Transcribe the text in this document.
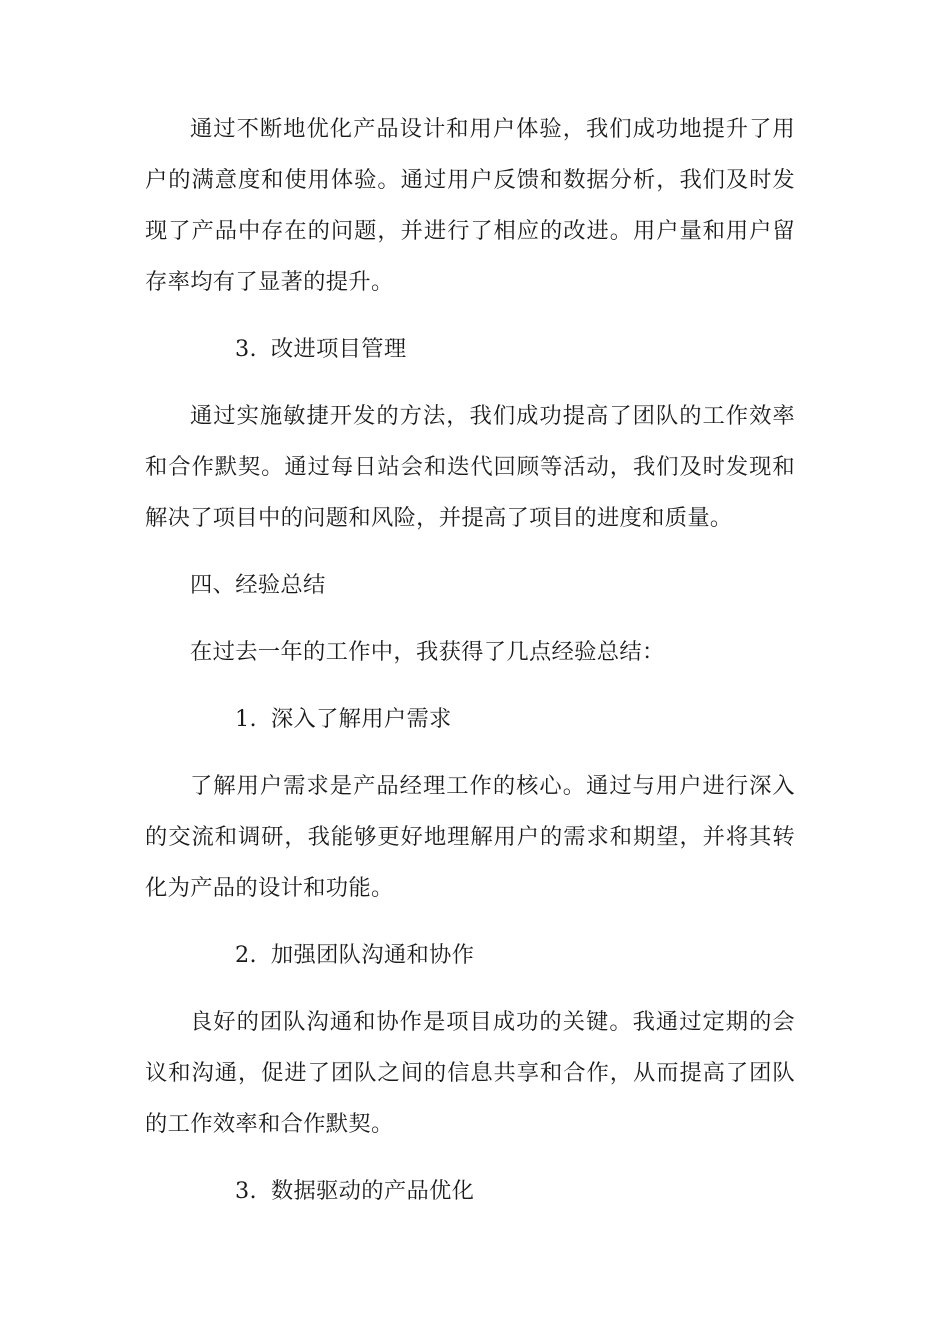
通过不断地优化产品设计和用户体验，我们成功地提升了用户的满意度和使用体验。通过用户反馈和数据分析，我们及时发现了产品中存在的问题，并进行了相应的改进。用户量和用户留存率均有了显著的提升。

3. 改进项目管理

通过实施敏捷开发的方法，我们成功提高了团队的工作效率和合作默契。通过每日站会和迭代回顾等活动，我们及时发现和解决了项目中的问题和风险，并提高了项目的进度和质量。

四、经验总结

在过去一年的工作中，我获得了几点经验总结：

1. 深入了解用户需求

了解用户需求是产品经理工作的核心。通过与用户进行深入的交流和调研，我能够更好地理解用户的需求和期望，并将其转化为产品的设计和功能。

2. 加强团队沟通和协作

良好的团队沟通和协作是项目成功的关键。我通过定期的会议和沟通，促进了团队之间的信息共享和合作，从而提高了团队的工作效率和合作默契。

3. 数据驱动的产品优化
